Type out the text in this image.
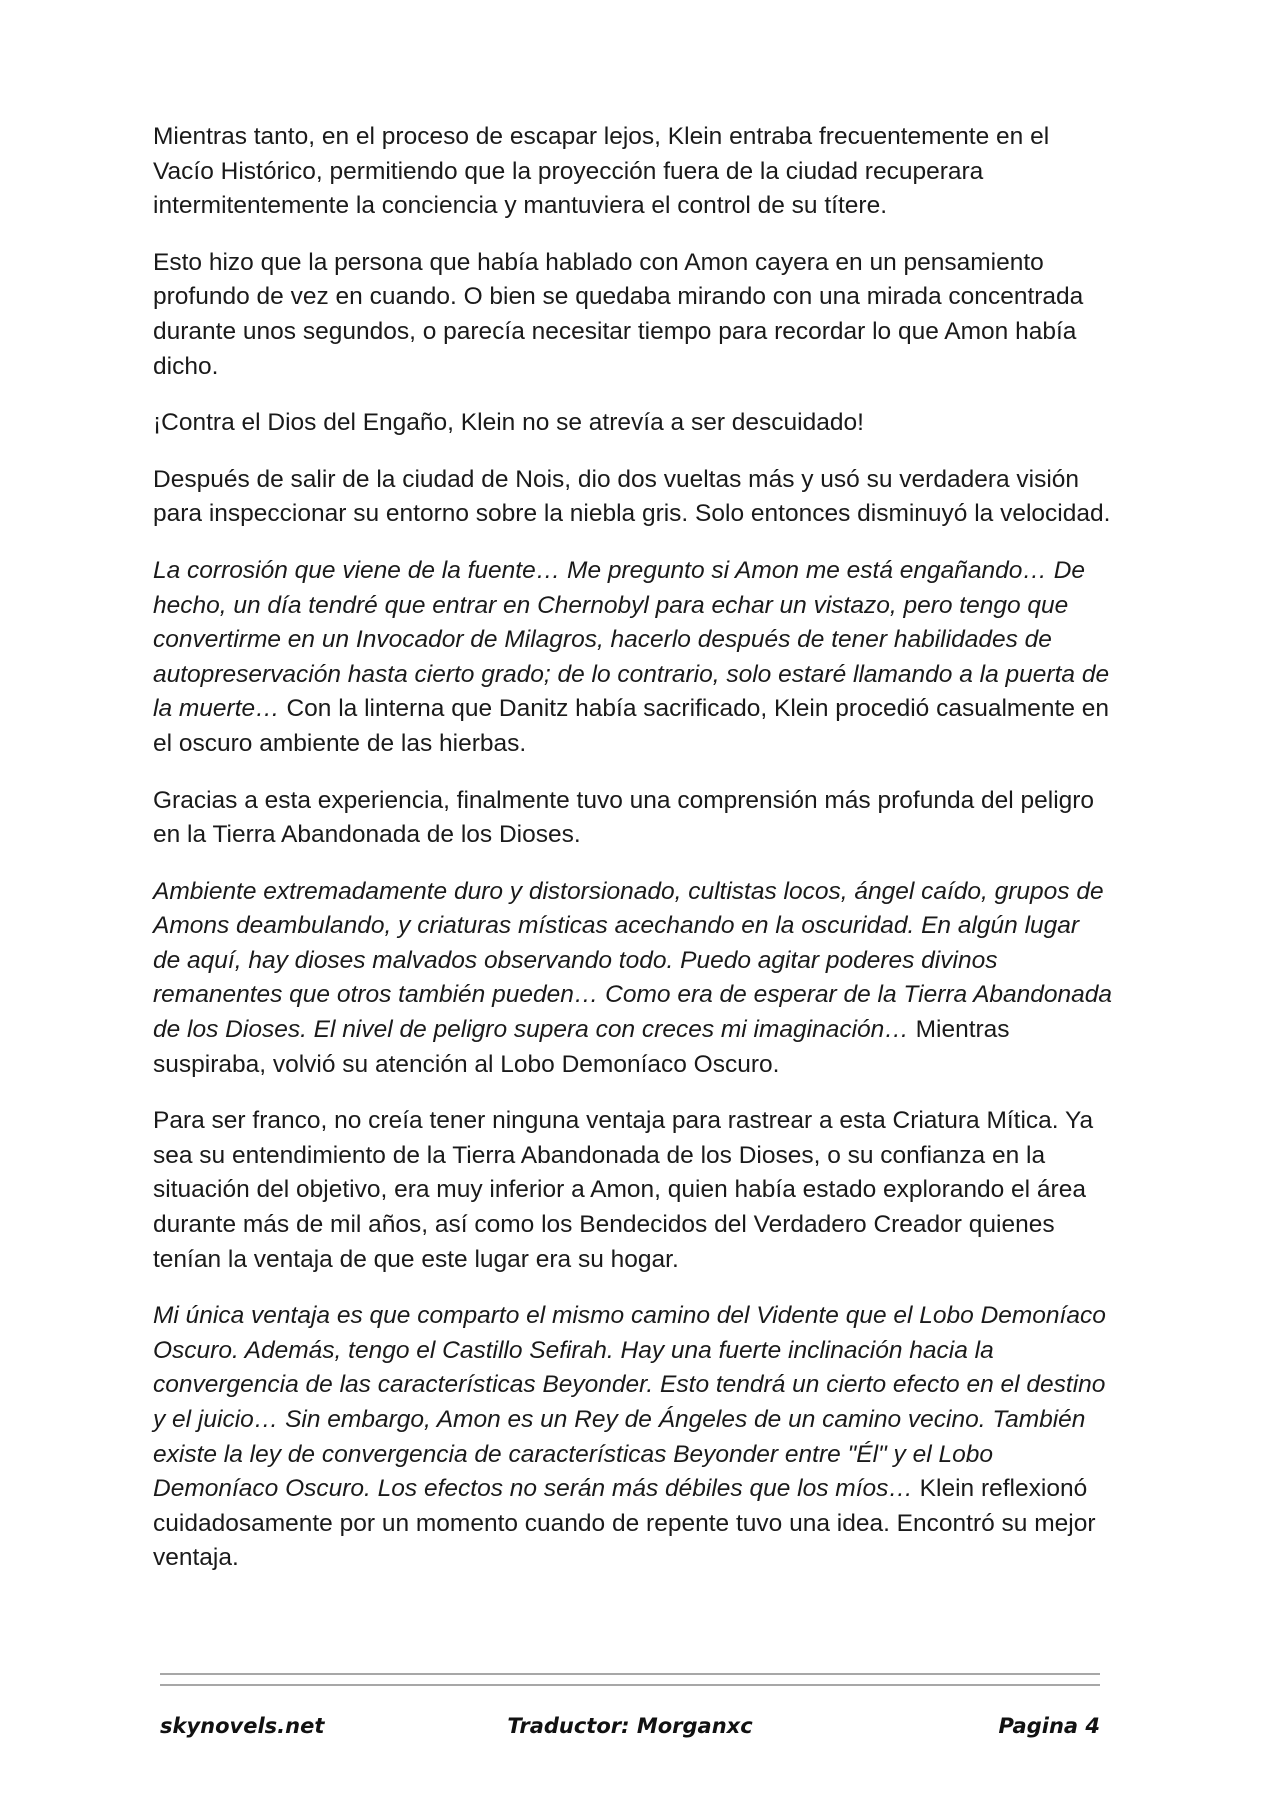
Mientras tanto, en el proceso de escapar lejos, Klein entraba frecuentemente en el Vacío Histórico, permitiendo que la proyección fuera de la ciudad recuperara intermitentemente la conciencia y mantuviera el control de su títere.

Esto hizo que la persona que había hablado con Amon cayera en un pensamiento profundo de vez en cuando. O bien se quedaba mirando con una mirada concentrada durante unos segundos, o parecía necesitar tiempo para recordar lo que Amon había dicho.

¡Contra el Dios del Engaño, Klein no se atrevía a ser descuidado!

Después de salir de la ciudad de Nois, dio dos vueltas más y usó su verdadera visión para inspeccionar su entorno sobre la niebla gris. Solo entonces disminuyó la velocidad.

La corrosión que viene de la fuente… Me pregunto si Amon me está engañando… De hecho, un día tendré que entrar en Chernobyl para echar un vistazo, pero tengo que convertirme en un Invocador de Milagros, hacerlo después de tener habilidades de autopreservación hasta cierto grado; de lo contrario, solo estaré llamando a la puerta de la muerte… Con la linterna que Danitz había sacrificado, Klein procedió casualmente en el oscuro ambiente de las hierbas.

Gracias a esta experiencia, finalmente tuvo una comprensión más profunda del peligro en la Tierra Abandonada de los Dioses.

Ambiente extremadamente duro y distorsionado, cultistas locos, ángel caído, grupos de Amons deambulando, y criaturas místicas acechando en la oscuridad. En algún lugar de aquí, hay dioses malvados observando todo. Puedo agitar poderes divinos remanentes que otros también pueden… Como era de esperar de la Tierra Abandonada de los Dioses. El nivel de peligro supera con creces mi imaginación… Mientras suspiraba, volvió su atención al Lobo Demoníaco Oscuro.

Para ser franco, no creía tener ninguna ventaja para rastrear a esta Criatura Mítica. Ya sea su entendimiento de la Tierra Abandonada de los Dioses, o su confianza en la situación del objetivo, era muy inferior a Amon, quien había estado explorando el área durante más de mil años, así como los Bendecidos del Verdadero Creador quienes tenían la ventaja de que este lugar era su hogar.

Mi única ventaja es que comparto el mismo camino del Vidente que el Lobo Demoníaco Oscuro. Además, tengo el Castillo Sefirah. Hay una fuerte inclinación hacia la convergencia de las características Beyonder. Esto tendrá un cierto efecto en el destino y el juicio… Sin embargo, Amon es un Rey de Ángeles de un camino vecino. También existe la ley de convergencia de características Beyonder entre "Él" y el Lobo Demoníaco Oscuro. Los efectos no serán más débiles que los míos… Klein reflexionó cuidadosamente por un momento cuando de repente tuvo una idea. Encontró su mejor ventaja.

skynovels.net	Traductor: Morganxc	Pagina 4
